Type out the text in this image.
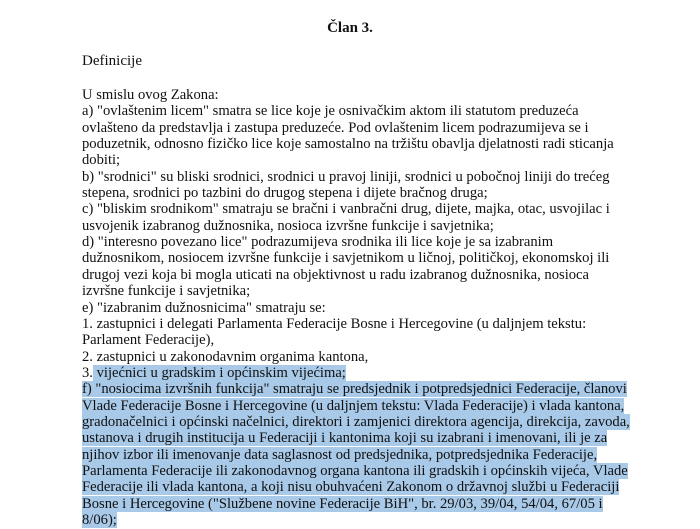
Član 3.
Definicije
U smislu ovog Zakona:
a) "ovlaštenim licem" smatra se lice koje je osnivačkim aktom ili statutom preduzeća
ovlašteno da predstavlja i zastupa preduzeće. Pod ovlaštenim licem podrazumijeva se i
poduzetnik, odnosno fizičko lice koje samostalno na tržištu obavlja djelatnosti radi sticanja
dobiti;
b) "srodnici" su bliski srodnici, srodnici u pravoj liniji, srodnici u pobočnoj liniji do trećeg
stepena, srodnici po tazbini do drugog stepena i dijete bračnog druga;
c) "bliskim srodnikom" smatraju se bračni i vanbračni drug, dijete, majka, otac, usvojilac i
usvojenik izabranog dužnosnika, nosioca izvršne funkcije i savjetnika;
d) "interesno povezano lice" podrazumijeva srodnika ili lice koje je sa izabranim
dužnosnikom, nosiocem izvršne funkcije i savjetnikom u ličnoj, političkoj, ekonomskoj ili
drugoj vezi koja bi mogla uticati na objektivnost u radu izabranog dužnosnika, nosioca
izvršne funkcije i savjetnika;
e) "izabranim dužnosnicima" smatraju se:
1. zastupnici i delegati Parlamenta Federacije Bosne i Hercegovine (u daljnjem tekstu:
Parlament Federacije),
2. zastupnici u zakonodavnim organima kantona,
3. vijećnici u gradskim i općinskim vijećima;
f) "nosiocima izvršnih funkcija" smatraju se predsjednik i potpredsjednici Federacije, članovi
Vlade Federacije Bosne i Hercegovine (u daljnjem tekstu: Vlada Federacije) i vlada kantona,
gradonačelnici i općinski načelnici, direktori i zamjenici direktora agencija, direkcija, zavoda,
ustanova i drugih institucija u Federaciji i kantonima koji su izabrani i imenovani, ili je za
njihov izbor ili imenovanje data saglasnost od predsjednika, potpredsjednika Federacije,
Parlamenta Federacije ili zakonodavnog organa kantona ili gradskih i općinskih vijeća, Vlade
Federacije ili vlada kantona, a koji nisu obuhvaćeni Zakonom o državnoj službi u Federaciji
Bosne i Hercegovine ("Službene novine Federacije BiH", br. 29/03, 39/04, 54/04, 67/05 i
8/06);
